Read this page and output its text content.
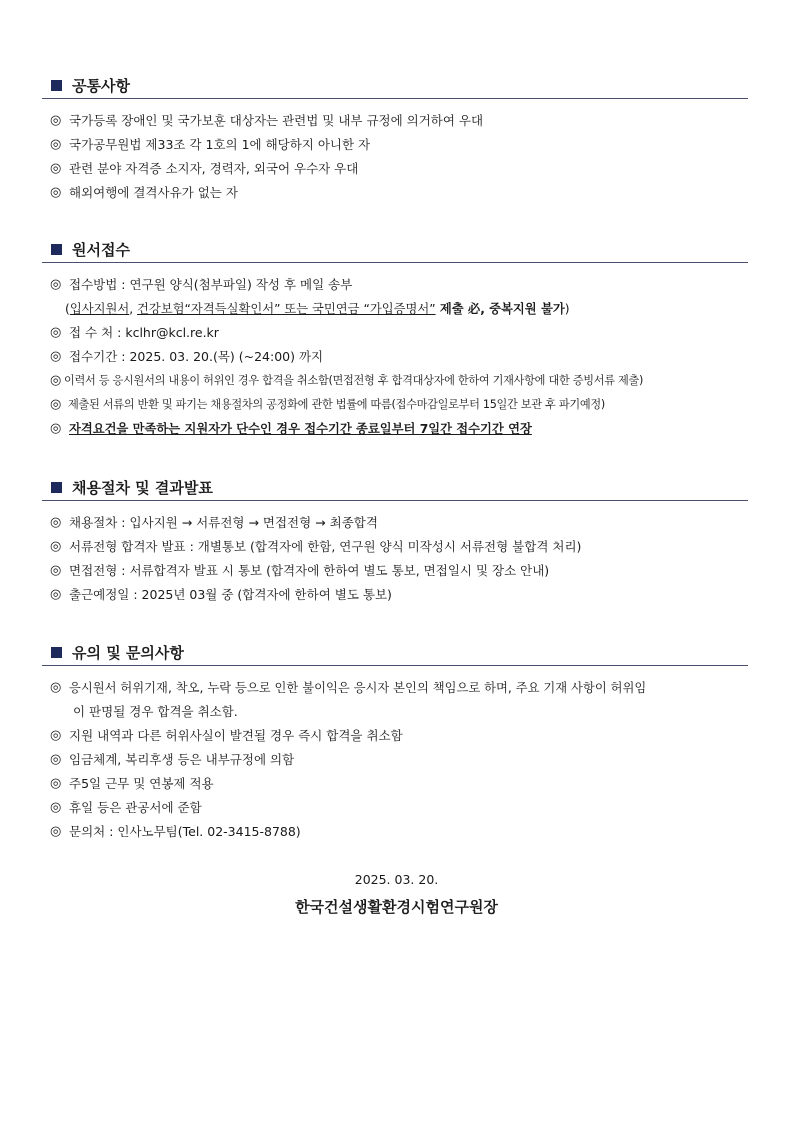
공통사항
◎ 국가등록 장애인 및 국가보훈 대상자는 관련법 및 내부 규정에 의거하여 우대
◎ 국가공무원법 제33조 각 1호의 1에 해당하지 아니한 자
◎ 관련 분야 자격증 소지자, 경력자, 외국어 우수자 우대
◎ 해외여행에 결격사유가 없는 자
원서접수
◎ 접수방법 : 연구원 양식(첨부파일) 작성 후 메일 송부
(입사지원서, 건강보험“자격득실확인서” 또는 국민연금 “가입증명서” 제출 必, 중복지원 불가)
◎ 접 수 처 : kclhr@kcl.re.kr
◎ 접수기간 : 2025. 03. 20.(목) (~24:00) 까지
◎ 이력서 등 응시원서의 내용이 허위인 경우 합격을 취소함(면접전형 후 합격대상자에 한하여 기재사항에 대한 증빙서류 제출)
◎ 제출된 서류의 반환 및 파기는 채용절차의 공정화에 관한 법률에 따름(접수마감일로부터 15일간 보관 후 파기예정)
◎ 자격요건을 만족하는 지원자가 단수인 경우 접수기간 종료일부터 7일간 접수기간 연장
채용절차 및 결과발표
◎ 채용절차 : 입사지원 → 서류전형 → 면접전형 → 최종합격
◎ 서류전형 합격자 발표 : 개별통보 (합격자에 한함, 연구원 양식 미작성시 서류전형 불합격 처리)
◎ 면접전형 : 서류합격자 발표 시 통보 (합격자에 한하여 별도 통보, 면접일시 및 장소 안내)
◎ 출근예정일 : 2025년 03월 중 (합격자에 한하여 별도 통보)
유의 및 문의사항
◎ 응시원서 허위기재, 착오, 누락 등으로 인한 불이익은 응시자 본인의 책임으로 하며, 주요 기재 사항이 허위임
이 판명될 경우 합격을 취소함.
◎ 지원 내역과 다른 허위사실이 발견될 경우 즉시 합격을 취소함
◎ 임금체계, 복리후생 등은 내부규정에 의함
◎ 주5일 근무 및 연봉제 적용
◎ 휴일 등은 관공서에 준함
◎ 문의처 : 인사노무팀(Tel. 02-3415-8788)
2025. 03. 20.
한국건설생활환경시험연구원장
